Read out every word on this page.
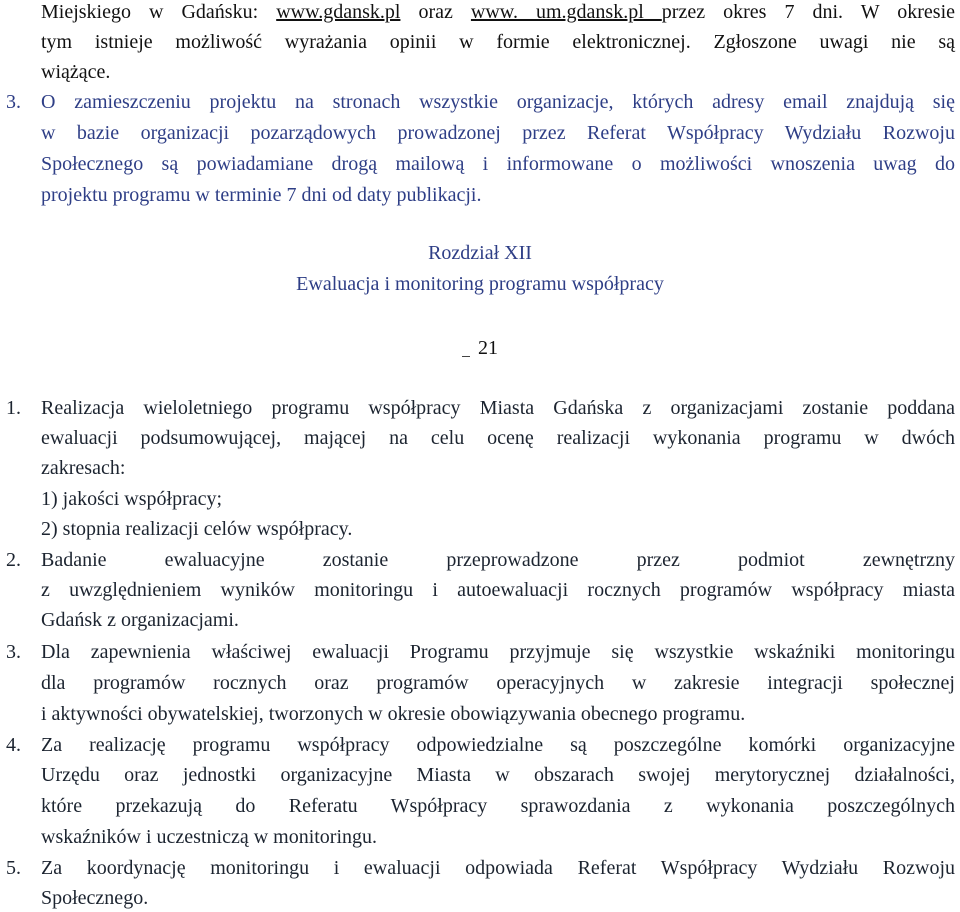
Miejskiego w Gdańsku: www.gdansk.pl oraz www. um.gdansk.pl przez okres 7 dni. W okresie
tym istnieje możliwość wyrażania opinii w formie elektronicznej. Zgłoszone uwagi nie są
wiążące.
3. O zamieszczeniu projektu na stronach wszystkie organizacje, których adresy email znajdują się
w bazie organizacji pozarządowych prowadzonej przez Referat Współpracy Wydziału Rozwoju
Społecznego są powiadamiane drogą mailową i informowane o możliwości wnoszenia uwag do
projektu programu w terminie 7 dni od daty publikacji.
Rozdział XII
Ewaluacja i monitoring programu współpracy
21
1. Realizacja wieloletniego programu współpracy Miasta Gdańska z organizacjami zostanie poddana
ewaluacji podsumowującej, mającej na celu ocenę realizacji wykonania programu w dwóch
zakresach:
1) jakości współpracy;
2) stopnia realizacji celów współpracy.
2. Badanie ewaluacyjne zostanie przeprowadzone przez podmiot zewnętrzny
z uwzględnieniem wyników monitoringu i autoewaluacji rocznych programów współpracy miasta
Gdańsk z organizacjami.
3. Dla zapewnienia właściwej ewaluacji Programu przyjmuje się wszystkie wskaźniki monitoringu
dla programów rocznych oraz programów operacyjnych w zakresie integracji społecznej
i aktywności obywatelskiej, tworzonych w okresie obowiązywania obecnego programu.
4. Za realizację programu współpracy odpowiedzialne są poszczególne komórki organizacyjne
Urzędu oraz jednostki organizacyjne Miasta w obszarach swojej merytorycznej działalności,
które przekazują do Referatu Współpracy sprawozdania z wykonania poszczególnych
wskaźników i uczestniczą w monitoringu.
5. Za koordynację monitoringu i ewaluacji odpowiada Referat Współpracy Wydziału Rozwoju
Społecznego.
